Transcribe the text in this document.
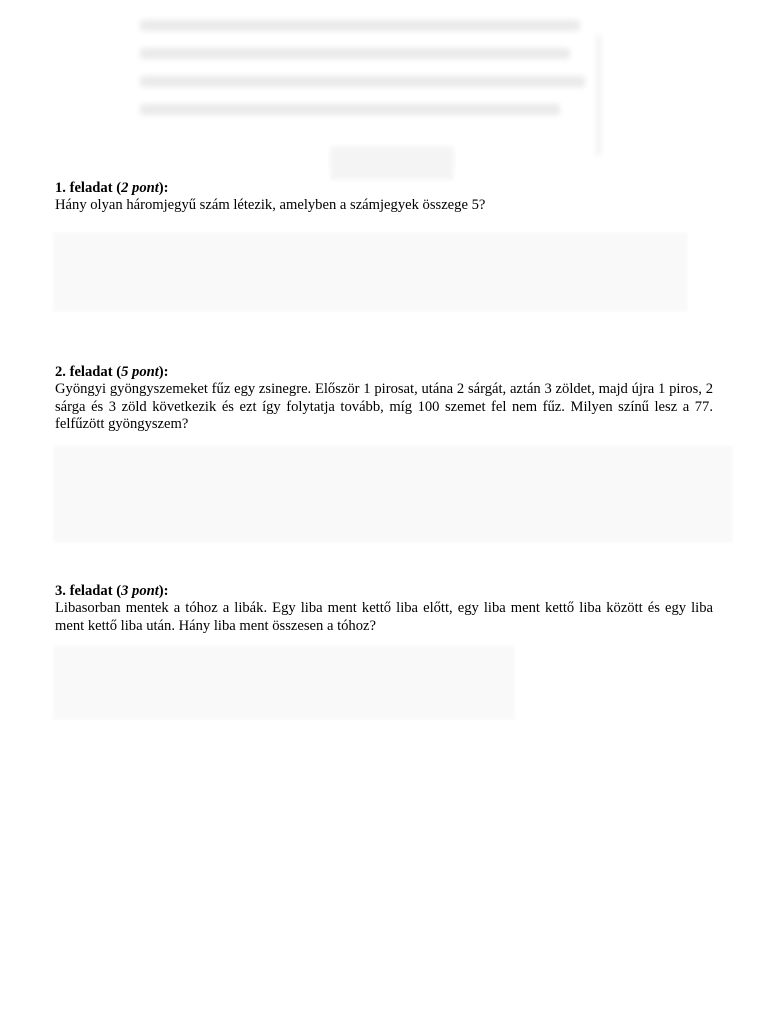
1. feladat (2 pont):
Hány olyan háromjegyű szám létezik, amelyben a számjegyek összege 5?
2. feladat (5 pont):
Gyöngyi gyöngyszemeket fűz egy zsinegre. Először 1 pirosat, utána 2 sárgát, aztán 3 zöldet, majd újra 1 piros, 2 sárga és 3 zöld következik és ezt így folytatja tovább, míg 100 szemet fel nem fűz. Milyen színű lesz a 77. felfűzött gyöngyszem?
3. feladat (3 pont):
Libasorban mentek a tóhoz a libák. Egy liba ment kettő liba előtt, egy liba ment kettő liba között és egy liba ment kettő liba után. Hány liba ment összesen a tóhoz?
